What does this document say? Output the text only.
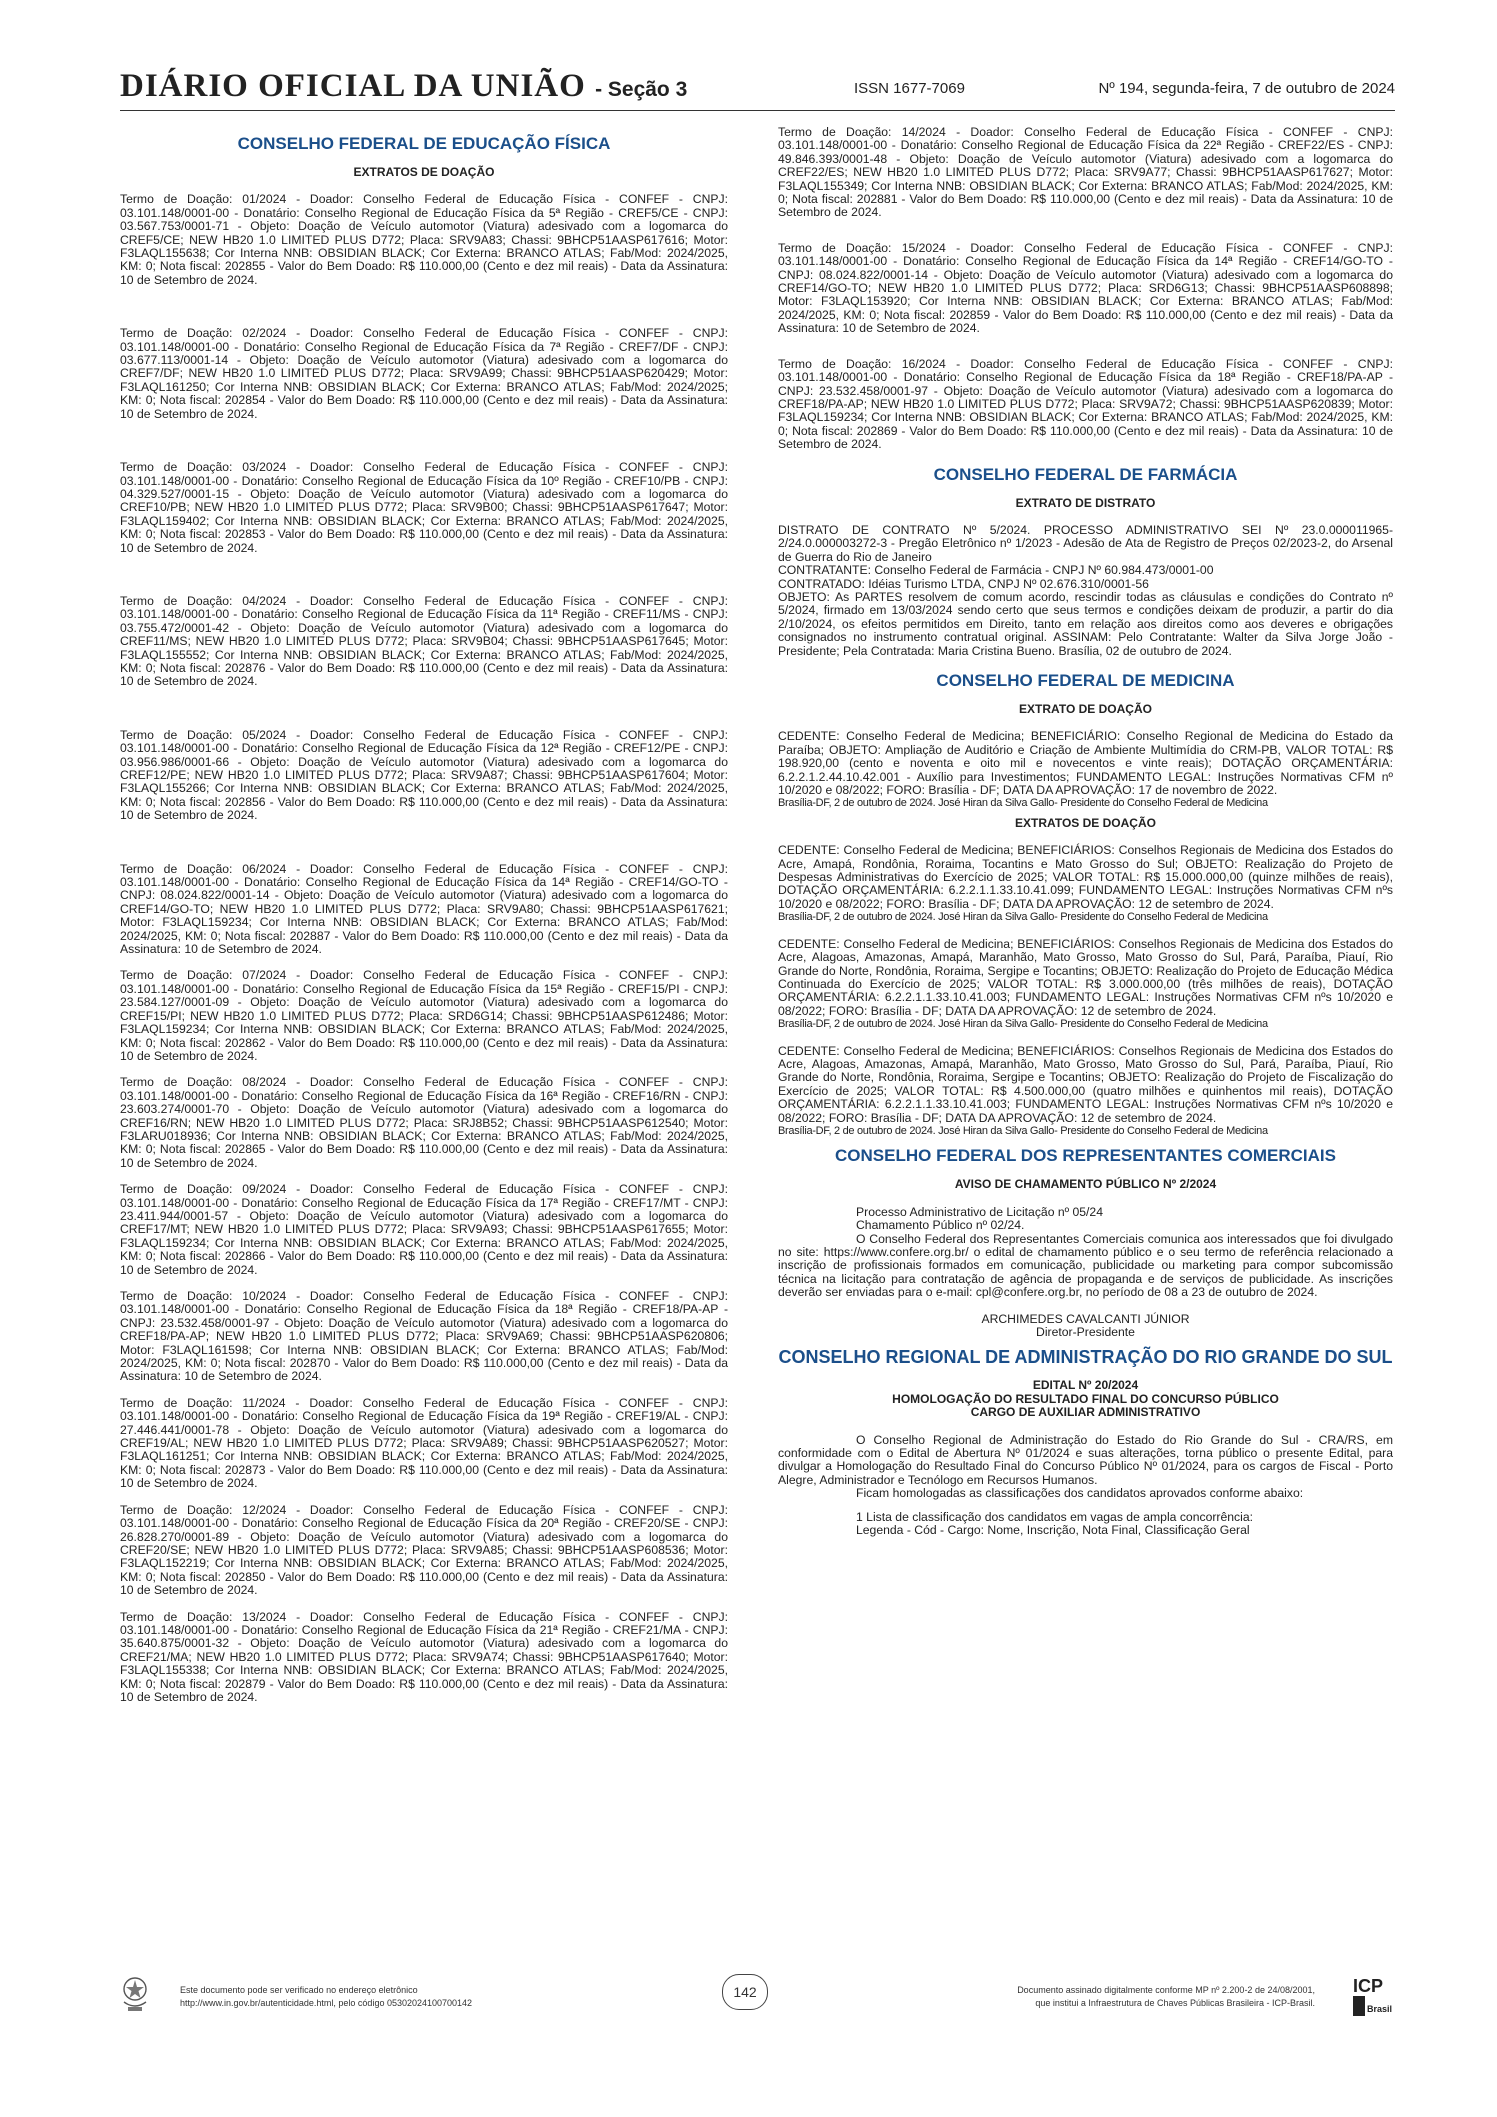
DIÁRIO OFICIAL DA UNIÃO - Seção 3	ISSN 1677-7069	Nº 194, segunda-feira, 7 de outubro de 2024
CONSELHO FEDERAL DE EDUCAÇÃO FÍSICA
EXTRATOS DE DOAÇÃO

Termo de Doação: 01/2024 - Doador: Conselho Federal de Educação Física - CONFEF - CNPJ: 03.101.148/0001-00 - Donatário: Conselho Regional de Educação Física da 5ª Região - CREF5/CE - CNPJ: 03.567.753/0001-71 - Objeto: Doação de Veículo automotor (Viatura) adesivado com a logomarca do CREF5/CE; NEW HB20 1.0 LIMITED PLUS D772; Placa: SRV9A83; Chassi: 9BHCP51AASP617616; Motor: F3LAQL155638; Cor Interna NNB: OBSIDIAN BLACK; Cor Externa: BRANCO ATLAS; Fab/Mod: 2024/2025, KM: 0; Nota fiscal: 202855 - Valor do Bem Doado: R$ 110.000,00 (Cento e dez mil reais) - Data da Assinatura: 10 de Setembro de 2024.

Termo de Doação: 02/2024 - Doador: Conselho Federal de Educação Física - CONFEF - CNPJ: 03.101.148/0001-00 - Donatário: Conselho Regional de Educação Física da 7ª Região - CREF7/DF - CNPJ: 03.677.113/0001-14 - Objeto: Doação de Veículo automotor (Viatura) adesivado com a logomarca do CREF7/DF; NEW HB20 1.0 LIMITED PLUS D772; Placa: SRV9A99; Chassi: 9BHCP51AASP620429; Motor: F3LAQL161250; Cor Interna NNB: OBSIDIAN BLACK; Cor Externa: BRANCO ATLAS; Fab/Mod: 2024/2025; KM: 0; Nota fiscal: 202854 - Valor do Bem Doado: R$ 110.000,00 (Cento e dez mil reais) - Data da Assinatura: 10 de Setembro de 2024.

Termo de Doação: 03/2024 - Doador: Conselho Federal de Educação Física - CONFEF - CNPJ: 03.101.148/0001-00 - Donatário: Conselho Regional de Educação Física da 10º Região - CREF10/PB - CNPJ: 04.329.527/0001-15 - Objeto: Doação de Veículo automotor (Viatura) adesivado com a logomarca do CREF10/PB; NEW HB20 1.0 LIMITED PLUS D772; Placa: SRV9B00; Chassi: 9BHCP51AASP617647; Motor: F3LAQL159402; Cor Interna NNB: OBSIDIAN BLACK; Cor Externa: BRANCO ATLAS; Fab/Mod: 2024/2025, KM: 0; Nota fiscal: 202853 - Valor do Bem Doado: R$ 110.000,00 (Cento e dez mil reais) - Data da Assinatura: 10 de Setembro de 2024.

Termo de Doação: 04/2024 - Doador: Conselho Federal de Educação Física - CONFEF - CNPJ: 03.101.148/0001-00 - Donatário: Conselho Regional de Educação Física da 11ª Região - CREF11/MS - CNPJ: 03.755.472/0001-42 - Objeto: Doação de Veículo automotor (Viatura) adesivado com a logomarca do CREF11/MS; NEW HB20 1.0 LIMITED PLUS D772; Placa: SRV9B04; Chassi: 9BHCP51AASP617645; Motor: F3LAQL155552; Cor Interna NNB: OBSIDIAN BLACK; Cor Externa: BRANCO ATLAS; Fab/Mod: 2024/2025, KM: 0; Nota fiscal: 202876 - Valor do Bem Doado: R$ 110.000,00 (Cento e dez mil reais) - Data da Assinatura: 10 de Setembro de 2024.

Termo de Doação: 05/2024 - Doador: Conselho Federal de Educação Física - CONFEF - CNPJ: 03.101.148/0001-00 - Donatário: Conselho Regional de Educação Física da 12ª Região - CREF12/PE - CNPJ: 03.956.986/0001-66 - Objeto: Doação de Veículo automotor (Viatura) adesivado com a logomarca do CREF12/PE; NEW HB20 1.0 LIMITED PLUS D772; Placa: SRV9A87; Chassi: 9BHCP51AASP617604; Motor: F3LAQL155266; Cor Interna NNB: OBSIDIAN BLACK; Cor Externa: BRANCO ATLAS; Fab/Mod: 2024/2025, KM: 0; Nota fiscal: 202856 - Valor do Bem Doado: R$ 110.000,00 (Cento e dez mil reais) - Data da Assinatura: 10 de Setembro de 2024.

Termo de Doação: 06/2024 - Doador: Conselho Federal de Educação Física - CONFEF - CNPJ: 03.101.148/0001-00 - Donatário: Conselho Regional de Educação Física da 14ª Região - CREF14/GO-TO - CNPJ: 08.024.822/0001-14 - Objeto: Doação de Veículo automotor (Viatura) adesivado com a logomarca do CREF14/GO-TO; NEW HB20 1.0 LIMITED PLUS D772; Placa: SRV9A80; Chassi: 9BHCP51AASP617621; Motor: F3LAQL159234; Cor Interna NNB: OBSIDIAN BLACK; Cor Externa: BRANCO ATLAS; Fab/Mod: 2024/2025, KM: 0; Nota fiscal: 202887 - Valor do Bem Doado: R$ 110.000,00 (Cento e dez mil reais) - Data da Assinatura: 10 de Setembro de 2024.

Termo de Doação: 07/2024 - Doador: Conselho Federal de Educação Física - CONFEF - CNPJ: 03.101.148/0001-00 - Donatário: Conselho Regional de Educação Física da 15ª Região - CREF15/PI - CNPJ: 23.584.127/0001-09 - Objeto: Doação de Veículo automotor (Viatura) adesivado com a logomarca do CREF15/PI; NEW HB20 1.0 LIMITED PLUS D772; Placa: SRD6G14; Chassi: 9BHCP51AASP612486; Motor: F3LAQL159234; Cor Interna NNB: OBSIDIAN BLACK; Cor Externa: BRANCO ATLAS; Fab/Mod: 2024/2025, KM: 0; Nota fiscal: 202862 - Valor do Bem Doado: R$ 110.000,00 (Cento e dez mil reais) - Data da Assinatura: 10 de Setembro de 2024.

Termo de Doação: 08/2024 - Doador: Conselho Federal de Educação Física - CONFEF - CNPJ: 03.101.148/0001-00 - Donatário: Conselho Regional de Educação Física da 16ª Região - CREF16/RN - CNPJ: 23.603.274/0001-70 - Objeto: Doação de Veículo automotor (Viatura) adesivado com a logomarca do CREF16/RN; NEW HB20 1.0 LIMITED PLUS D772; Placa: SRJ8B52; Chassi: 9BHCP51AASP612540; Motor: F3LARU018936; Cor Interna NNB: OBSIDIAN BLACK; Cor Externa: BRANCO ATLAS; Fab/Mod: 2024/2025, KM: 0; Nota fiscal: 202865 - Valor do Bem Doado: R$ 110.000,00 (Cento e dez mil reais) - Data da Assinatura: 10 de Setembro de 2024.

Termo de Doação: 09/2024 - Doador: Conselho Federal de Educação Física - CONFEF - CNPJ: 03.101.148/0001-00 - Donatário: Conselho Regional de Educação Física da 17ª Região - CREF17/MT - CNPJ: 23.411.944/0001-57 - Objeto: Doação de Veículo automotor (Viatura) adesivado com a logomarca do CREF17/MT; NEW HB20 1.0 LIMITED PLUS D772; Placa: SRV9A93; Chassi: 9BHCP51AASP617655; Motor: F3LAQL159234; Cor Interna NNB: OBSIDIAN BLACK; Cor Externa: BRANCO ATLAS; Fab/Mod: 2024/2025, KM: 0; Nota fiscal: 202866 - Valor do Bem Doado: R$ 110.000,00 (Cento e dez mil reais) - Data da Assinatura: 10 de Setembro de 2024.

Termo de Doação: 10/2024 - Doador: Conselho Federal de Educação Física - CONFEF - CNPJ: 03.101.148/0001-00 - Donatário: Conselho Regional de Educação Física da 18ª Região - CREF18/PA-AP - CNPJ: 23.532.458/0001-97 - Objeto: Doação de Veículo automotor (Viatura) adesivado com a logomarca do CREF18/PA-AP; NEW HB20 1.0 LIMITED PLUS D772; Placa: SRV9A69; Chassi: 9BHCP51AASP620806; Motor: F3LAQL161598; Cor Interna NNB: OBSIDIAN BLACK; Cor Externa: BRANCO ATLAS; Fab/Mod: 2024/2025, KM: 0; Nota fiscal: 202870 - Valor do Bem Doado: R$ 110.000,00 (Cento e dez mil reais) - Data da Assinatura: 10 de Setembro de 2024.

Termo de Doação: 11/2024 - Doador: Conselho Federal de Educação Física - CONFEF - CNPJ: 03.101.148/0001-00 - Donatário: Conselho Regional de Educação Física da 19ª Região - CREF19/AL - CNPJ: 27.446.441/0001-78 - Objeto: Doação de Veículo automotor (Viatura) adesivado com a logomarca do CREF19/AL; NEW HB20 1.0 LIMITED PLUS D772; Placa: SRV9A89; Chassi: 9BHCP51AASP620527; Motor: F3LAQL161251; Cor Interna NNB: OBSIDIAN BLACK; Cor Externa: BRANCO ATLAS; Fab/Mod: 2024/2025, KM: 0; Nota fiscal: 202873 - Valor do Bem Doado: R$ 110.000,00 (Cento e dez mil reais) - Data da Assinatura: 10 de Setembro de 2024.

Termo de Doação: 12/2024 - Doador: Conselho Federal de Educação Física - CONFEF - CNPJ: 03.101.148/0001-00 - Donatário: Conselho Regional de Educação Física da 20ª Região - CREF20/SE - CNPJ: 26.828.270/0001-89 - Objeto: Doação de Veículo automotor (Viatura) adesivado com a logomarca do CREF20/SE; NEW HB20 1.0 LIMITED PLUS D772; Placa: SRV9A85; Chassi: 9BHCP51AASP608536; Motor: F3LAQL152219; Cor Interna NNB: OBSIDIAN BLACK; Cor Externa: BRANCO ATLAS; Fab/Mod: 2024/2025, KM: 0; Nota fiscal: 202850 - Valor do Bem Doado: R$ 110.000,00 (Cento e dez mil reais) - Data da Assinatura: 10 de Setembro de 2024.

Termo de Doação: 13/2024 - Doador: Conselho Federal de Educação Física - CONFEF - CNPJ: 03.101.148/0001-00 - Donatário: Conselho Regional de Educação Física da 21ª Região - CREF21/MA - CNPJ: 35.640.875/0001-32 - Objeto: Doação de Veículo automotor (Viatura) adesivado com a logomarca do CREF21/MA; NEW HB20 1.0 LIMITED PLUS D772; Placa: SRV9A74; Chassi: 9BHCP51AASP617640; Motor: F3LAQL155338; Cor Interna NNB: OBSIDIAN BLACK; Cor Externa: BRANCO ATLAS; Fab/Mod: 2024/2025, KM: 0; Nota fiscal: 202879 - Valor do Bem Doado: R$ 110.000,00 (Cento e dez mil reais) - Data da Assinatura: 10 de Setembro de 2024.

Termo de Doação: 14/2024 - Doador: Conselho Federal de Educação Física - CONFEF - CNPJ: 03.101.148/0001-00 - Donatário: Conselho Regional de Educação Física da 22ª Região - CREF22/ES - CNPJ: 49.846.393/0001-48 - Objeto: Doação de Veículo automotor (Viatura) adesivado com a logomarca do CREF22/ES; NEW HB20 1.0 LIMITED PLUS D772; Placa: SRV9A77; Chassi: 9BHCP51AASP617627; Motor: F3LAQL155349; Cor Interna NNB: OBSIDIAN BLACK; Cor Externa: BRANCO ATLAS; Fab/Mod: 2024/2025, KM: 0; Nota fiscal: 202881 - Valor do Bem Doado: R$ 110.000,00 (Cento e dez mil reais) - Data da Assinatura: 10 de Setembro de 2024.

Termo de Doação: 15/2024 - Doador: Conselho Federal de Educação Física - CONFEF - CNPJ: 03.101.148/0001-00 - Donatário: Conselho Regional de Educação Física da 14ª Região - CREF14/GO-TO - CNPJ: 08.024.822/0001-14 - Objeto: Doação de Veículo automotor (Viatura) adesivado com a logomarca do CREF14/GO-TO; NEW HB20 1.0 LIMITED PLUS D772; Placa: SRD6G13; Chassi: 9BHCP51AASP608898; Motor: F3LAQL153920; Cor Interna NNB: OBSIDIAN BLACK; Cor Externa: BRANCO ATLAS; Fab/Mod: 2024/2025, KM: 0; Nota fiscal: 202859 - Valor do Bem Doado: R$ 110.000,00 (Cento e dez mil reais) - Data da Assinatura: 10 de Setembro de 2024.

Termo de Doação: 16/2024 - Doador: Conselho Federal de Educação Física - CONFEF - CNPJ: 03.101.148/0001-00 - Donatário: Conselho Regional de Educação Física da 18ª Região - CREF18/PA-AP - CNPJ: 23.532.458/0001-97 - Objeto: Doação de Veículo automotor (Viatura) adesivado com a logomarca do CREF18/PA-AP; NEW HB20 1.0 LIMITED PLUS D772; Placa: SRV9A72; Chassi: 9BHCP51AASP620839; Motor: F3LAQL159234; Cor Interna NNB: OBSIDIAN BLACK; Cor Externa: BRANCO ATLAS; Fab/Mod: 2024/2025, KM: 0; Nota fiscal: 202869 - Valor do Bem Doado: R$ 110.000,00 (Cento e dez mil reais) - Data da Assinatura: 10 de Setembro de 2024.

CONSELHO FEDERAL DE FARMÁCIA
EXTRATO DE DISTRATO
DISTRATO DE CONTRATO Nº 5/2024. PROCESSO ADMINISTRATIVO SEI Nº 23.0.000011965-2/24.0.000003272-3 - Pregão Eletrônico nº 1/2023 - Adesão de Ata de Registro de Preços 02/2023-2, do Arsenal de Guerra do Rio de Janeiro
CONTRATANTE: Conselho Federal de Farmácia - CNPJ Nº 60.984.473/0001-00
CONTRATADO: Idéias Turismo LTDA, CNPJ Nº 02.676.310/0001-56

OBJETO: As PARTES resolvem de comum acordo, rescindir todas as cláusulas e condições do Contrato nº 5/2024, firmado em 13/03/2024 sendo certo que seus termos e condições deixam de produzir, a partir do dia 2/10/2024, os efeitos permitidos em Direito, tanto em relação aos direitos como aos deveres e obrigações consignados no instrumento contratual original. ASSINAM: Pelo Contratante: Walter da Silva Jorge João - Presidente; Pela Contratada: Maria Cristina Bueno. Brasília, 02 de outubro de 2024.

CONSELHO FEDERAL DE MEDICINA
EXTRATO DE DOAÇÃO
CEDENTE: Conselho Federal de Medicina; BENEFICIÁRIO: Conselho Regional de Medicina do Estado da Paraíba; OBJETO: Ampliação de Auditório e Criação de Ambiente Multimídia do CRM-PB, VALOR TOTAL: R$ 198.920,00 (cento e noventa e oito mil e novecentos e vinte reais); DOTAÇÃO ORÇAMENTÁRIA: 6.2.2.1.2.44.10.42.001 - Auxílio para Investimentos; FUNDAMENTO LEGAL: Instruções Normativas CFM nº 10/2020 e 08/2022; FORO: Brasília - DF; DATA DA APROVAÇÃO: 17 de novembro de 2022.
Brasília-DF, 2 de outubro de 2024. José Hiran da Silva Gallo- Presidente do Conselho Federal de Medicina
EXTRATOS DE DOAÇÃO
CEDENTE: Conselho Federal de Medicina; BENEFICIÁRIOS: Conselhos Regionais de Medicina dos Estados do Acre, Amapá, Rondônia, Roraima, Tocantins e Mato Grosso do Sul; OBJETO: Realização do Projeto de Despesas Administrativas do Exercício de 2025; VALOR TOTAL: R$ 15.000.000,00 (quinze milhões de reais), DOTAÇÃO ORÇAMENTÁRIA: 6.2.2.1.1.33.10.41.099; FUNDAMENTO LEGAL: Instruções Normativas CFM nºs 10/2020 e 08/2022; FORO: Brasília - DF; DATA DA APROVAÇÃO: 12 de setembro de 2024.
Brasília-DF, 2 de outubro de 2024. José Hiran da Silva Gallo- Presidente do Conselho Federal de Medicina
CEDENTE: Conselho Federal de Medicina; BENEFICIÁRIOS: Conselhos Regionais de Medicina dos Estados do Acre, Alagoas, Amazonas, Amapá, Maranhão, Mato Grosso, Mato Grosso do Sul, Pará, Paraíba, Piauí, Rio Grande do Norte, Rondônia, Roraima, Sergipe e Tocantins; OBJETO: Realização do Projeto de Educação Médica Continuada do Exercício de 2025; VALOR TOTAL: R$ 3.000.000,00 (três milhões de reais), DOTAÇÃO ORÇAMENTÁRIA: 6.2.2.1.1.33.10.41.003; FUNDAMENTO LEGAL: Instruções Normativas CFM nºs 10/2020 e 08/2022; FORO: Brasília - DF; DATA DA APROVAÇÃO: 12 de setembro de 2024.
Brasília-DF, 2 de outubro de 2024. José Hiran da Silva Gallo- Presidente do Conselho Federal de Medicina
CEDENTE: Conselho Federal de Medicina; BENEFICIÁRIOS: Conselhos Regionais de Medicina dos Estados do Acre, Alagoas, Amazonas, Amapá, Maranhão, Mato Grosso, Mato Grosso do Sul, Pará, Paraíba, Piauí, Rio Grande do Norte, Rondônia, Roraima, Sergipe e Tocantins; OBJETO: Realização do Projeto de Fiscalização do Exercício de 2025; VALOR TOTAL: R$ 4.500.000,00 (quatro milhões e quinhentos mil reais), DOTAÇÃO ORÇAMENTÁRIA: 6.2.2.1.1.33.10.41.003; FUNDAMENTO LEGAL: Instruções Normativas CFM nºs 10/2020 e 08/2022; FORO: Brasília - DF; DATA DA APROVAÇÃO: 12 de setembro de 2024.
Brasília-DF, 2 de outubro de 2024. José Hiran da Silva Gallo- Presidente do Conselho Federal de Medicina
CONSELHO FEDERAL DOS REPRESENTANTES COMERCIAIS
AVISO DE CHAMAMENTO PÚBLICO Nº 2/2024
Processo Administrativo de Licitação nº 05/24
Chamamento Público nº 02/24.

O Conselho Federal dos Representantes Comerciais comunica aos interessados que foi divulgado no site: https://www.confere.org.br/ o edital de chamamento público e o seu termo de referência relacionado a inscrição de profissionais formados em comunicação, publicidade ou marketing para compor subcomissão técnica na licitação para contratação de agência de propaganda e de serviços de publicidade. As inscrições deverão ser enviadas para o e-mail: cpl@confere.org.br, no período de 08 a 23 de outubro de 2024.

ARCHIMEDES CAVALCANTI JÚNIOR
Diretor-Presidente
CONSELHO REGIONAL DE ADMINISTRAÇÃO DO RIO GRANDE DO SUL
EDITAL Nº 20/2024
HOMOLOGAÇÃO DO RESULTADO FINAL DO CONCURSO PÚBLICO
CARGO DE AUXILIAR ADMINISTRATIVO
O Conselho Regional de Administração do Estado do Rio Grande do Sul - CRA/RS, em conformidade com o Edital de Abertura Nº 01/2024 e suas alterações, torna público o presente Edital, para divulgar a Homologação do Resultado Final do Concurso Público Nº 01/2024, para os cargos de Fiscal - Porto Alegre, Administrador e Tecnólogo em Recursos Humanos.
Ficam homologadas as classificações dos candidatos aprovados conforme abaixo:
1 Lista de classificação dos candidatos em vagas de ampla concorrência:
Legenda - Cód - Cargo: Nome, Inscrição, Nota Final, Classificação Geral
Este documento pode ser verificado no endereço eletrônico
http://www.in.gov.br/autenticidade.html, pelo código 05302024100700142
142	Documento assinado digitalmente conforme MP nº 2.200-2 de 24/08/2001,
que institui a Infraestrutura de Chaves Públicas Brasileira - ICP-Brasil.
ICP
Brasil
